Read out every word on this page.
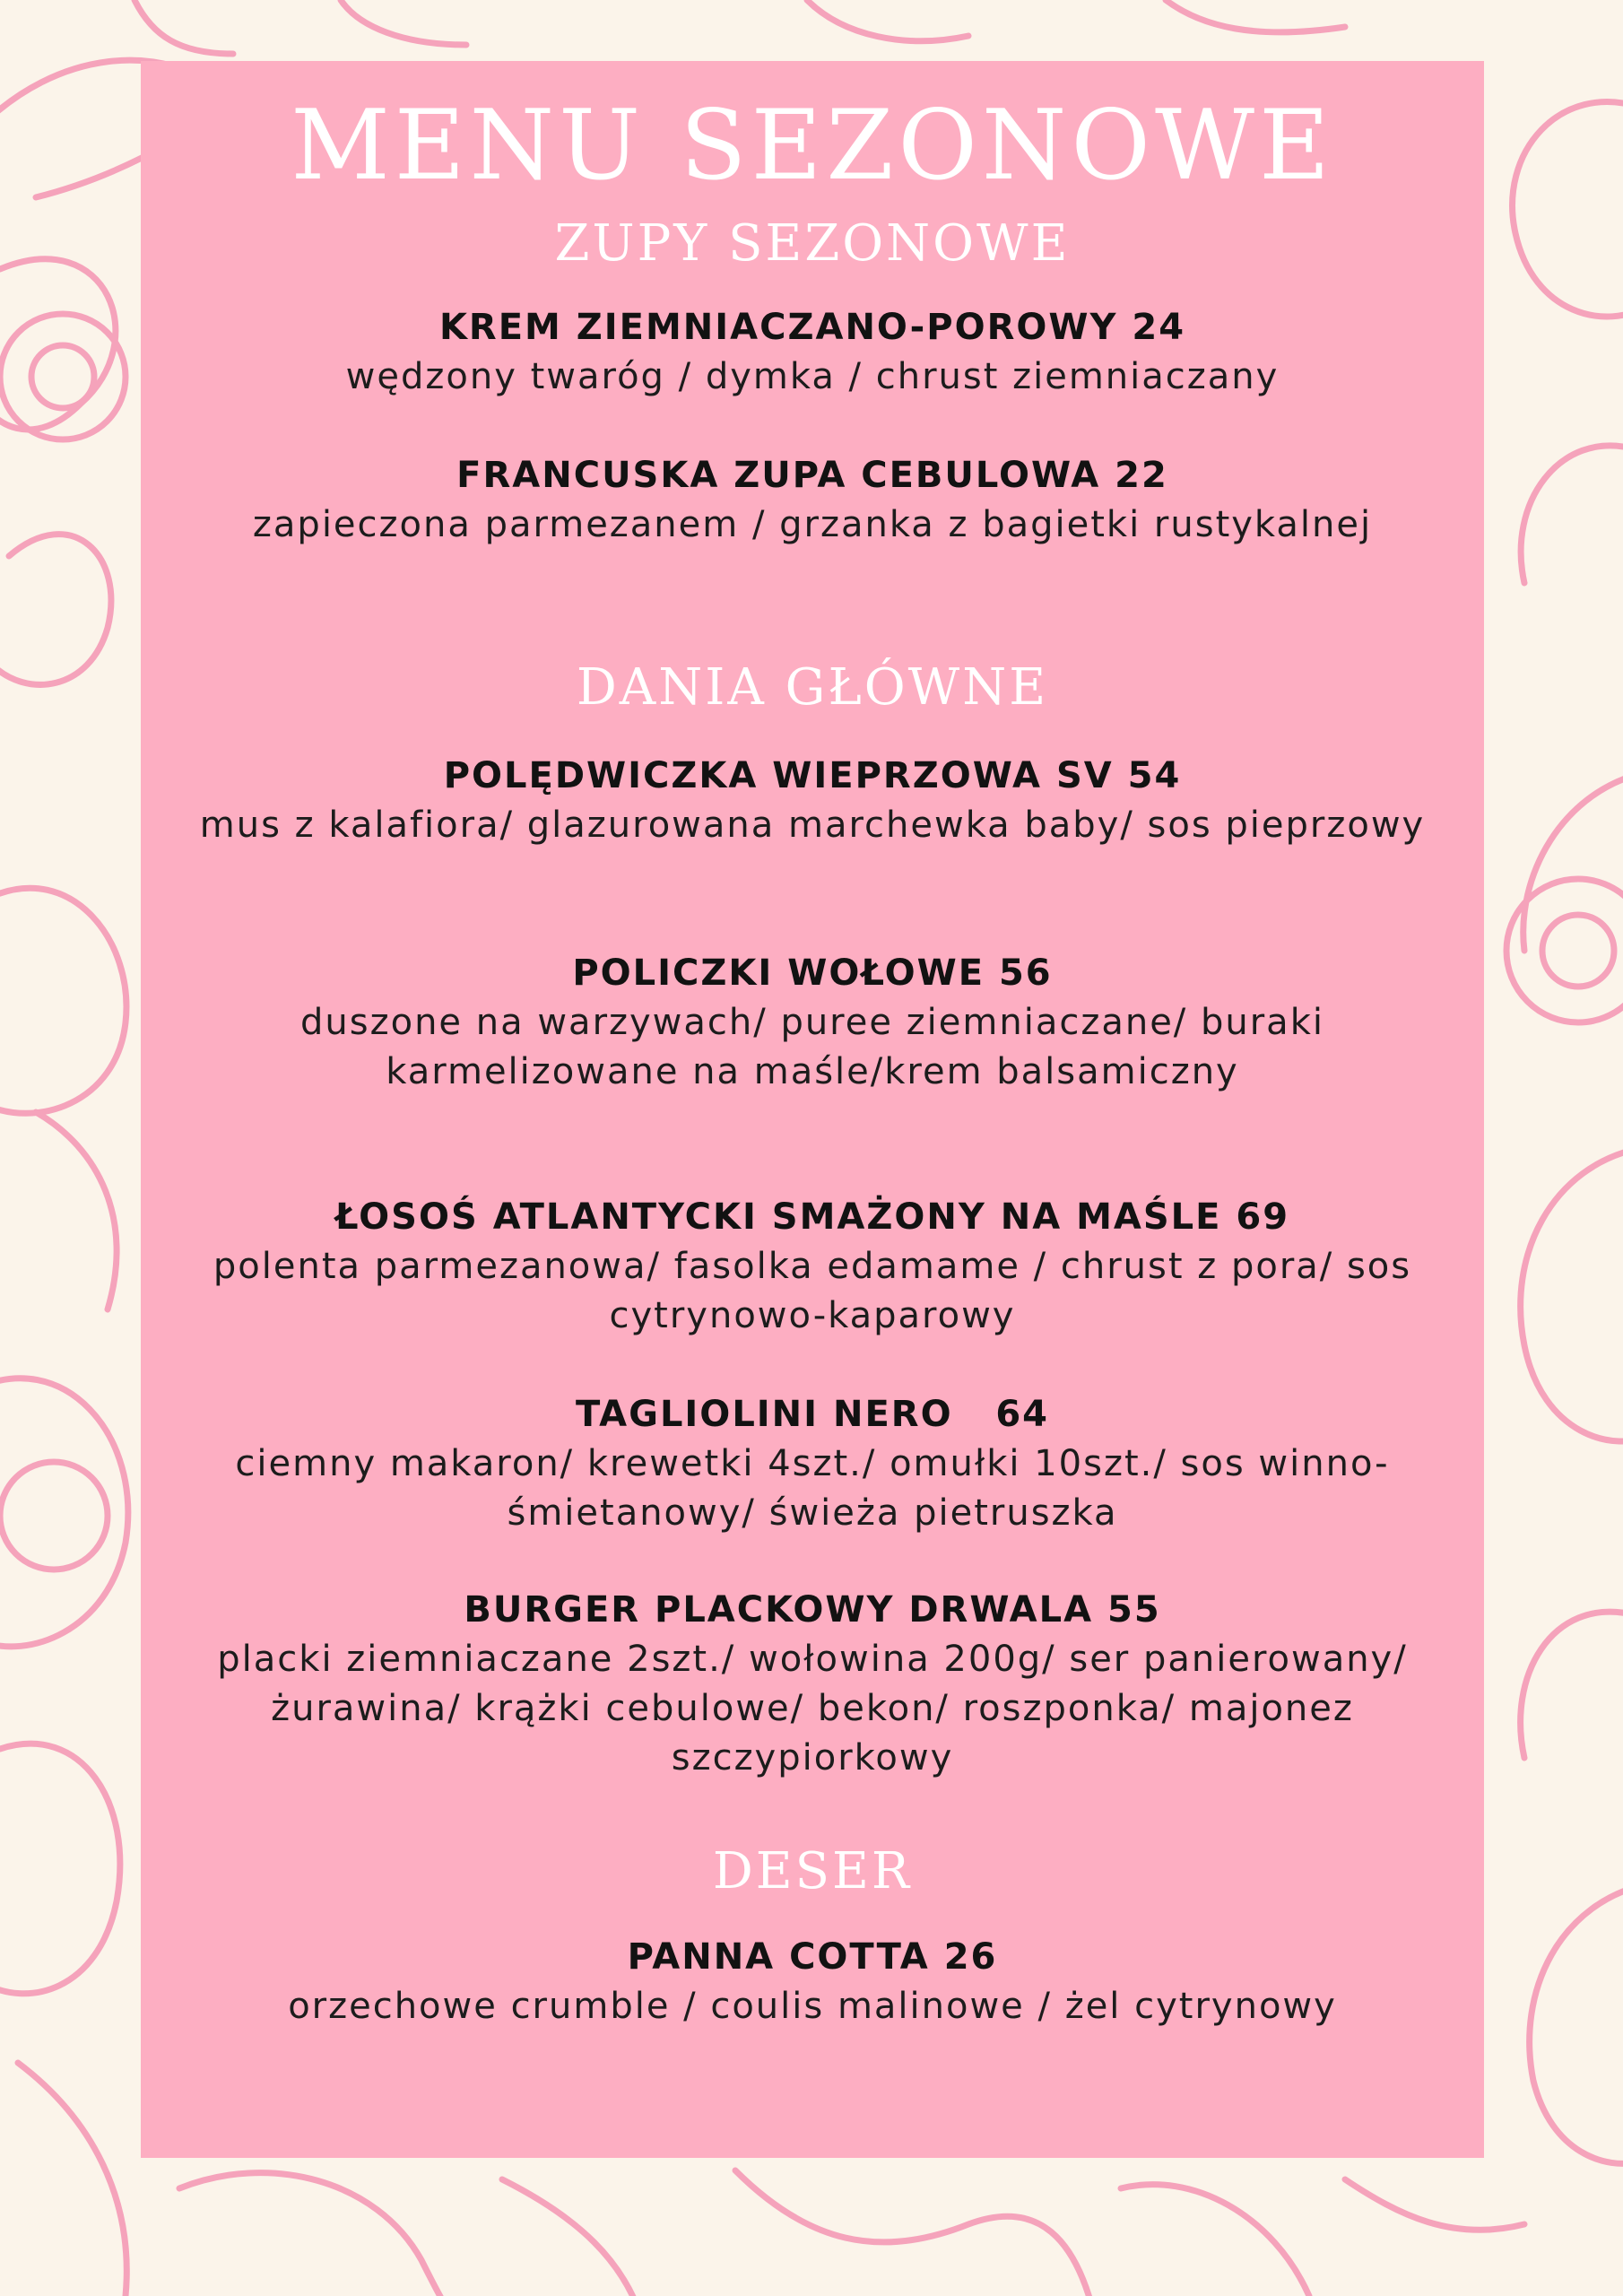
MENU SEZONOWE
ZUPY SEZONOWE
KREM ZIEMNIACZANO-POROWY 24
wędzony twaróg / dymka / chrust ziemniaczany
FRANCUSKA ZUPA CEBULOWA 22
zapieczona parmezanem / grzanka z bagietki rustykalnej
DANIA GŁÓWNE
POLĘDWICZKA WIEPRZOWA SV 54
mus z kalafiora/ glazurowana marchewka baby/ sos pieprzowy
POLICZKI WOŁOWE 56
duszone na warzywach/ puree ziemniaczane/ buraki karmelizowane na maśle/krem balsamiczny
ŁOSOŚ ATLANTYCKI SMAŻONY NA MAŚLE 69
polenta parmezanowa/ fasolka edamame / chrust z pora/ sos cytrynowo-kaparowy
TAGLIOLINI NERO   64
ciemny makaron/ krewetki 4szt./ omułki 10szt./ sos winno-śmietanowy/ świeża pietruszka
BURGER PLACKOWY DRWALA 55
placki ziemniaczane 2szt./ wołowina 200g/ ser panierowany/ żurawina/ krążki cebulowe/ bekon/ roszponka/ majonez szczypiorkowy
DESER
PANNA COTTA 26
orzechowe crumble / coulis malinowe / żel cytrynowy
